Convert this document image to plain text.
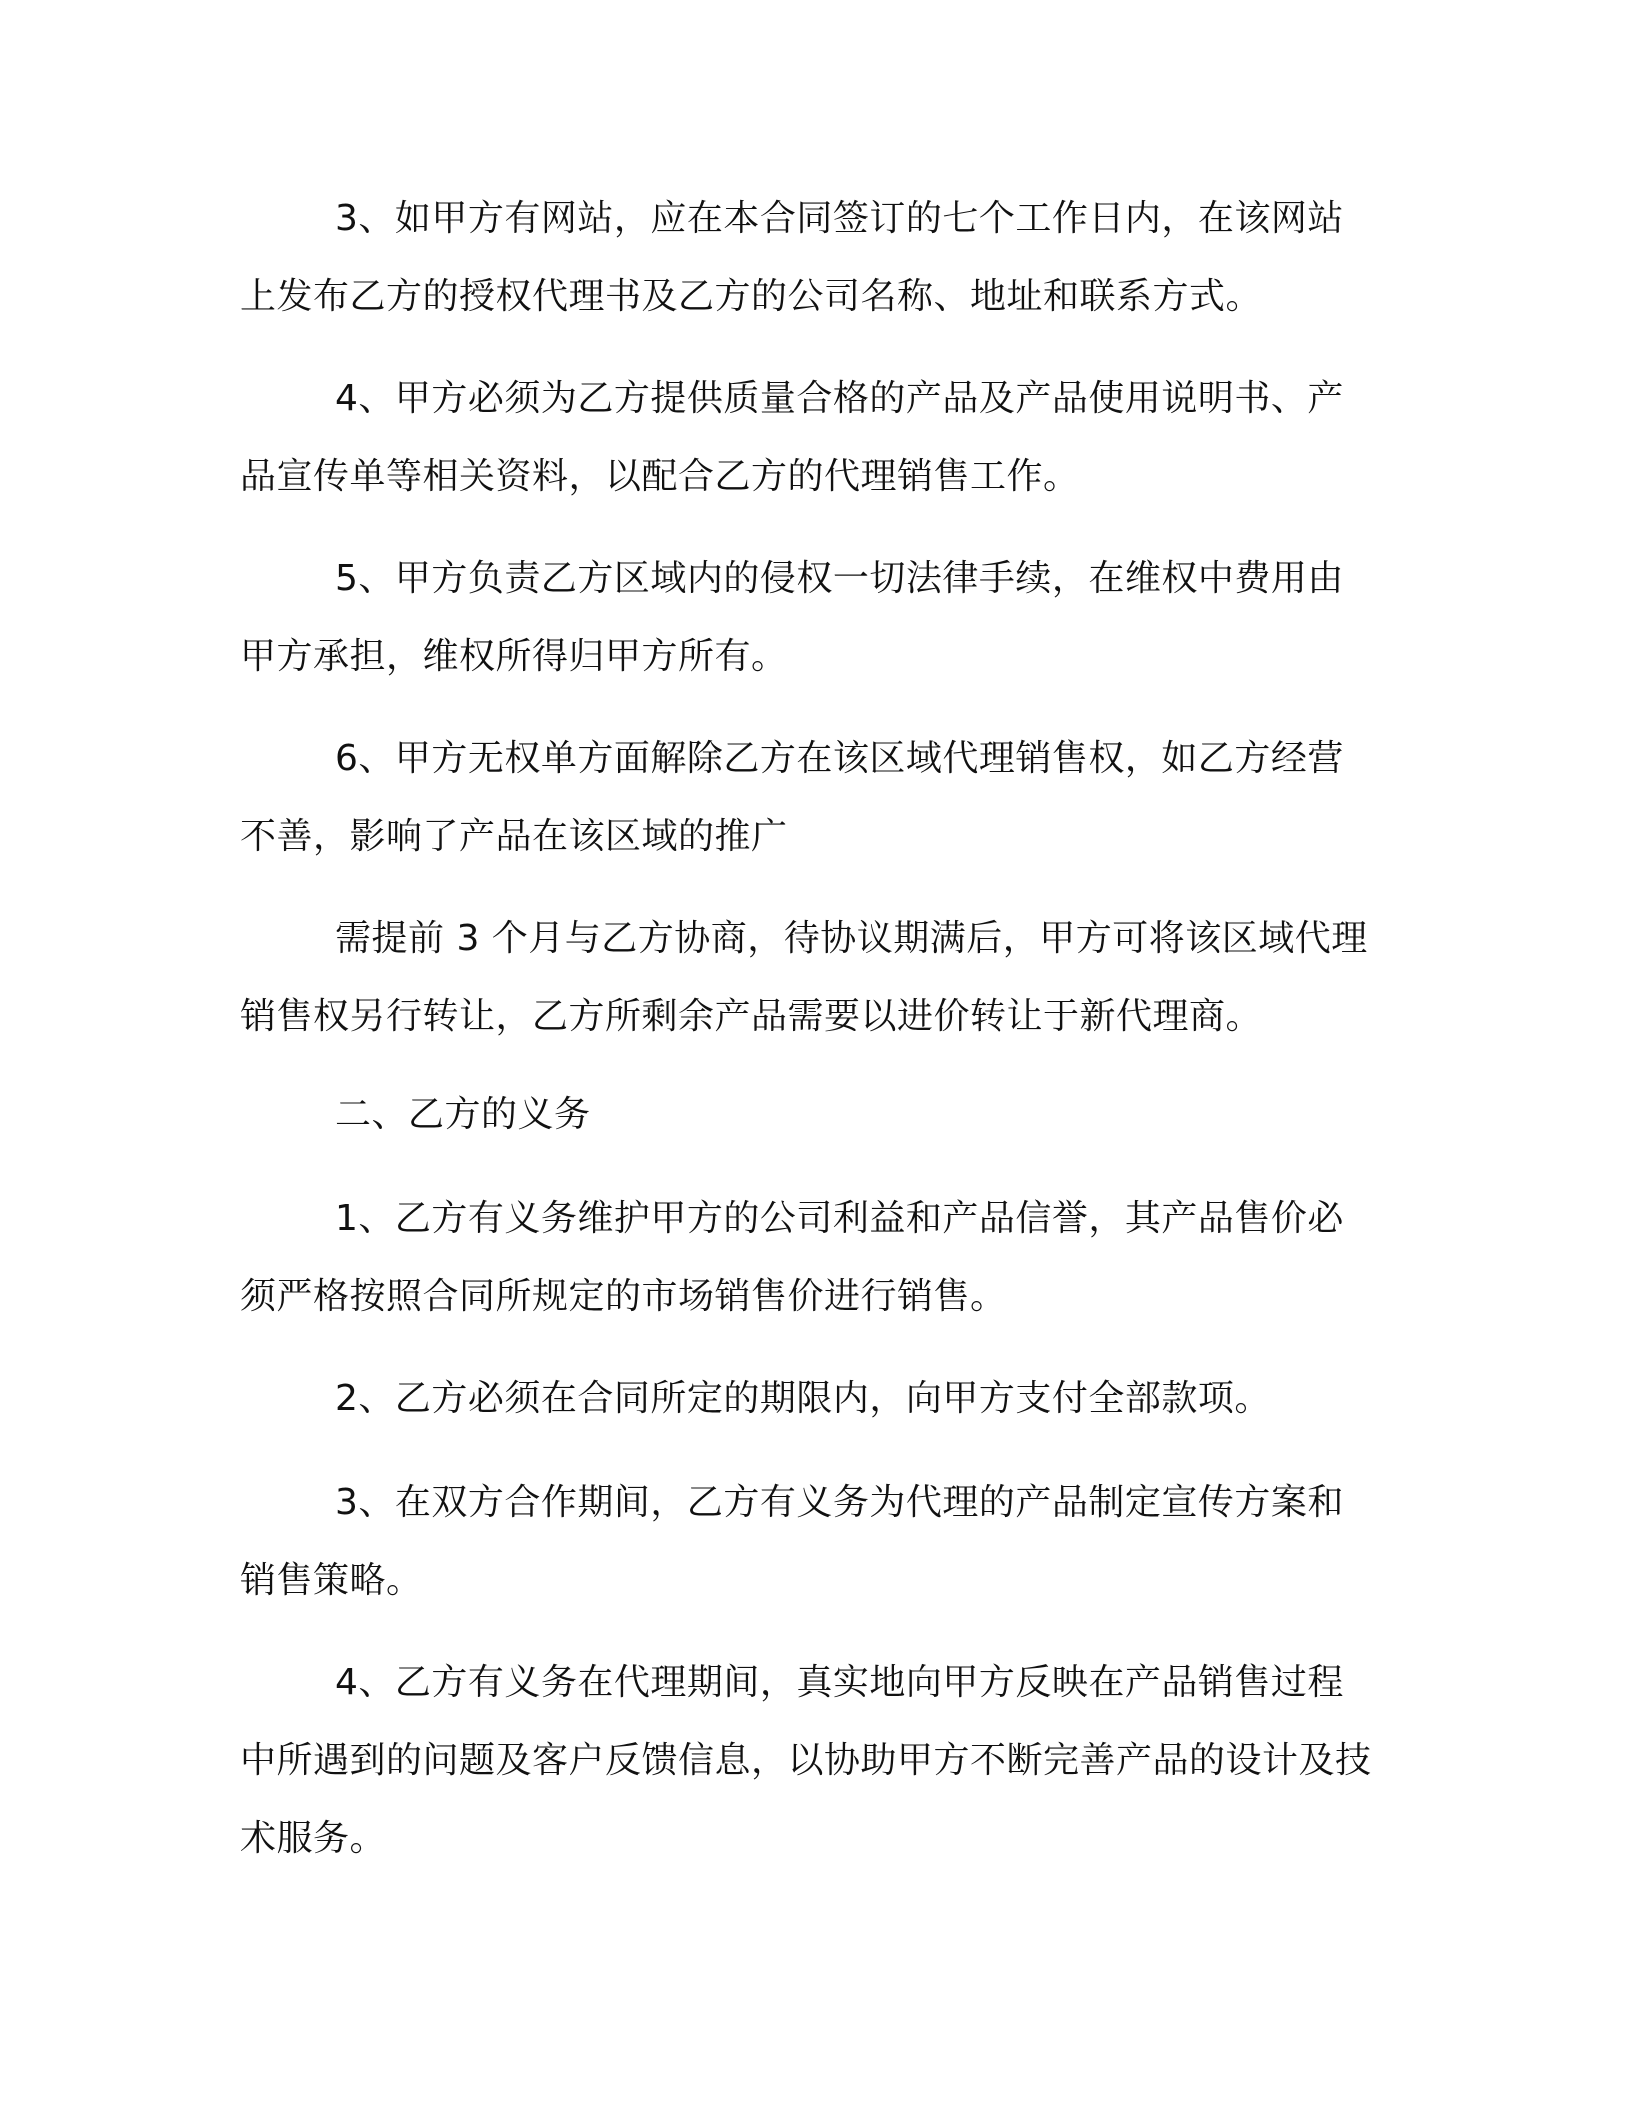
3、如甲方有网站，应在本合同签订的七个工作日内，在该网站上发布乙方的授权代理书及乙方的公司名称、地址和联系方式。

4、甲方必须为乙方提供质量合格的产品及产品使用说明书、产品宣传单等相关资料，以配合乙方的代理销售工作。

5、甲方负责乙方区域内的侵权一切法律手续，在维权中费用由甲方承担，维权所得归甲方所有。

6、甲方无权单方面解除乙方在该区域代理销售权，如乙方经营不善，影响了产品在该区域的推广

需提前 3 个月与乙方协商，待协议期满后，甲方可将该区域代理销售权另行转让，乙方所剩余产品需要以进价转让于新代理商。

二、乙方的义务

1、乙方有义务维护甲方的公司利益和产品信誉，其产品售价必须严格按照合同所规定的市场销售价进行销售。

2、乙方必须在合同所定的期限内，向甲方支付全部款项。

3、在双方合作期间，乙方有义务为代理的产品制定宣传方案和销售策略。

4、乙方有义务在代理期间，真实地向甲方反映在产品销售过程中所遇到的问题及客户反馈信息，以协助甲方不断完善产品的设计及技术服务。
